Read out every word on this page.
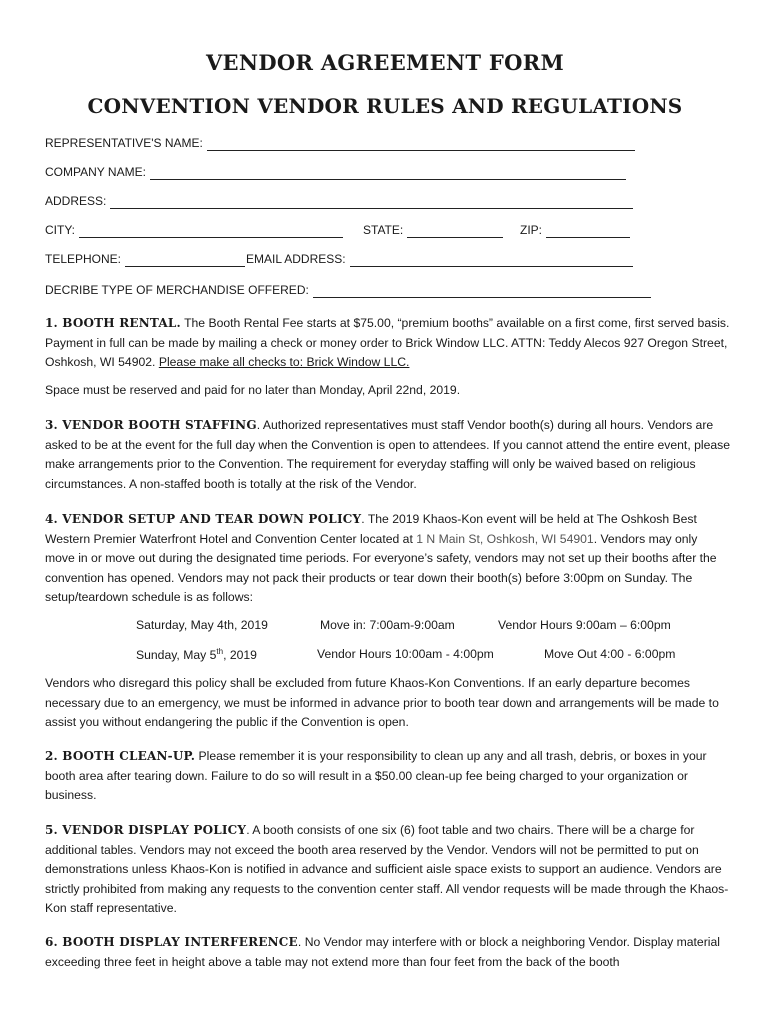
VENDOR AGREEMENT FORM
CONVENTION VENDOR RULES AND REGULATIONS
REPRESENTATIVE'S NAME:
COMPANY NAME:
ADDRESS:
CITY:	STATE:	ZIP:
TELEPHONE:	EMAIL ADDRESS:
DECRIBE TYPE OF MERCHANDISE OFFERED:

1. BOOTH RENTAL. The Booth Rental Fee starts at $75.00, “premium booths” available on a first come, first served basis. Payment in full can be made by mailing a check or money order to Brick Window LLC. ATTN: Teddy Alecos 927 Oregon Street, Oshkosh, WI 54902. Please make all checks to: Brick Window LLC.

Space must be reserved and paid for no later than Monday, April 22nd, 2019.

3. VENDOR BOOTH STAFFING. Authorized representatives must staff Vendor booth(s) during all hours. Vendors are asked to be at the event for the full day when the Convention is open to attendees. If you cannot attend the entire event, please make arrangements prior to the Convention. The requirement for everyday staffing will only be waived based on religious circumstances. A non-staffed booth is totally at the risk of the Vendor.

4. VENDOR SETUP AND TEAR DOWN POLICY. The 2019 Khaos-Kon event will be held at The Oshkosh Best Western Premier Waterfront Hotel and Convention Center located at 1 N Main St, Oshkosh, WI 54901. Vendors may only move in or move out during the designated time periods. For everyone’s safety, vendors may not set up their booths after the convention has opened. Vendors may not pack their products or tear down their booth(s) before 3:00pm on Sunday. The setup/teardown schedule is as follows:

Saturday, May 4th, 2019	Move in: 7:00am-9:00am	Vendor Hours 9:00am – 6:00pm
Sunday, May 5th, 2019	Vendor Hours 10:00am - 4:00pm	Move Out 4:00 - 6:00pm

Vendors who disregard this policy shall be excluded from future Khaos-Kon Conventions. If an early departure becomes necessary due to an emergency, we must be informed in advance prior to booth tear down and arrangements will be made to assist you without endangering the public if the Convention is open.

2. BOOTH CLEAN-UP. Please remember it is your responsibility to clean up any and all trash, debris, or boxes in your booth area after tearing down. Failure to do so will result in a $50.00 clean-up fee being charged to your organization or business.

5. VENDOR DISPLAY POLICY. A booth consists of one six (6) foot table and two chairs. There will be a charge for additional tables. Vendors may not exceed the booth area reserved by the Vendor. Vendors will not be permitted to put on demonstrations unless Khaos-Kon is notified in advance and sufficient aisle space exists to support an audience. Vendors are strictly prohibited from making any requests to the convention center staff. All vendor requests will be made through the Khaos-Kon staff representative.

6. BOOTH DISPLAY INTERFERENCE. No Vendor may interfere with or block a neighboring Vendor. Display material exceeding three feet in height above a table may not extend more than four feet from the back of the booth
